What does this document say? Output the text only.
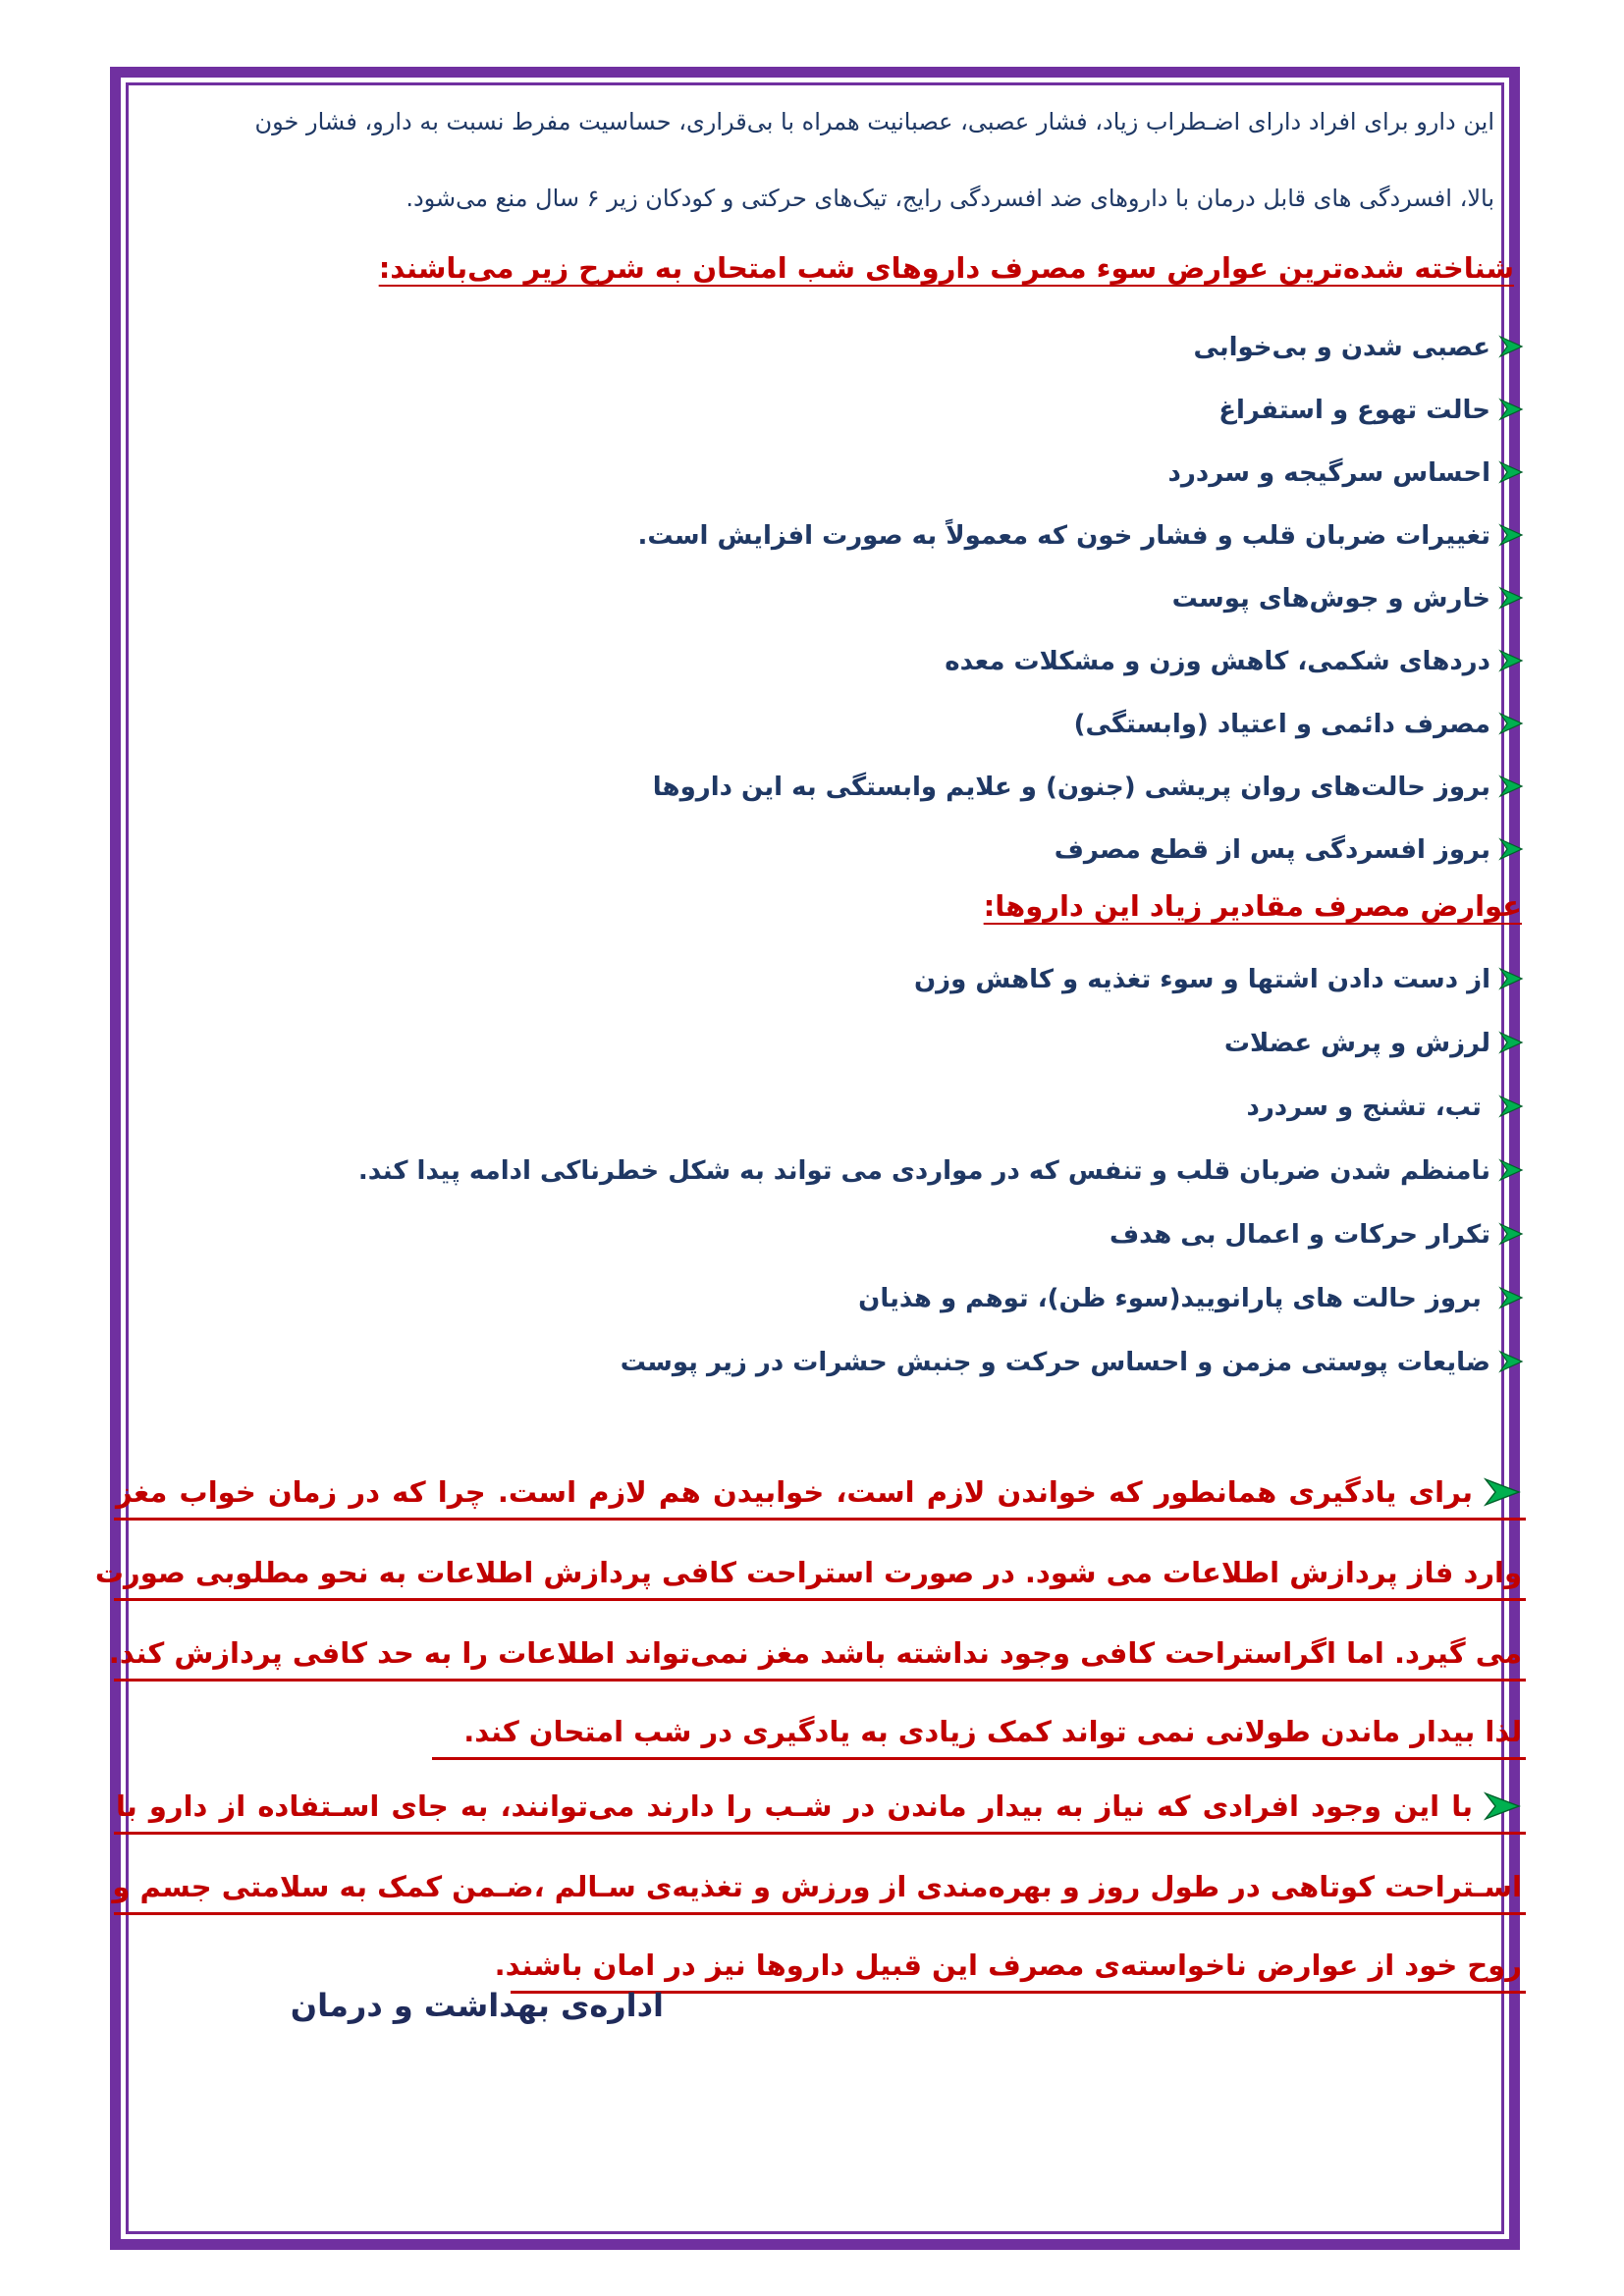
این دارو برای افراد دارای اضـطراب زیاد، فشار عصبی، عصبانیت همراه با بی‌قراری، حساسیت مفرط نسبت به دارو، فشار خون
بالا، افسردگی های قابل درمان با داروهای ضد افسردگی رایج، تیک‌های حرکتی و کودکان زیر ۶ سال منع می‌شود.
شناخته شده‌ترین عوارض سوء مصرف داروهای شب امتحان به شرح زیر می‌باشند:
عصبی شدن و بی‌خوابی
حالت تهوع و استفراغ
احساس سرگیجه و سردرد
تغییرات ضربان قلب و فشار خون که معمولاً به صورت افزایش است.
خارش و جوش‌های پوست
دردهای شکمی، کاهش وزن و مشکلات معده
مصرف دائمی و اعتیاد (وابستگی)
بروز حالت‌های روان پریشی (جنون) و علایم وابستگی به این داروها
بروز افسردگی پس از قطع مصرف
عوارض مصرف مقادیر زیاد این داروها:
از دست دادن اشتها و سوء تغذیه و کاهش وزن
لرزش و پرش عضلات
تب، تشنج و سردرد
نامنظم شدن ضربان قلب و تنفس که در مواردی می تواند به شکل خطرناکی ادامه پیدا کند.
تکرار حرکات و اعمال بی هدف
بروز حالت های پارانویید(سوء ظن)، توهم و هذیان
ضایعات پوستی مزمن و احساس حرکت و جنبش حشرات در زیر پوست
برای یادگیری همانطور که خواندن لازم است، خوابیدن هم لازم است. چرا که در زمان خواب مغز
وارد فاز پردازش اطلاعات می شود. در صورت استراحت کافی پردازش اطلاعات به نحو مطلوبی صورت
می گیرد. اما اگراستراحت کافی وجود نداشته باشد مغز نمی‌تواند اطلاعات را به حد کافی پردازش کند.
لذا بیدار ماندن طولانی نمی تواند کمک زیادی به یادگیری در شب امتحان کند.
با این وجود افرادی که نیاز به بیدار ماندن در شـب را دارند می‌توانند، به جای اسـتفاده از دارو با
اسـتراحت کوتاهی در طول روز و بهره‌مندی از ورزش و تغذیه‌ی سـالم ،ضـمن کمک به سلامتی جسم و
روح خود از عوارض ناخواسته‌ی مصرف این قبیل داروها نیز در امان باشند.
اداره‌ی بهداشت و درمان
